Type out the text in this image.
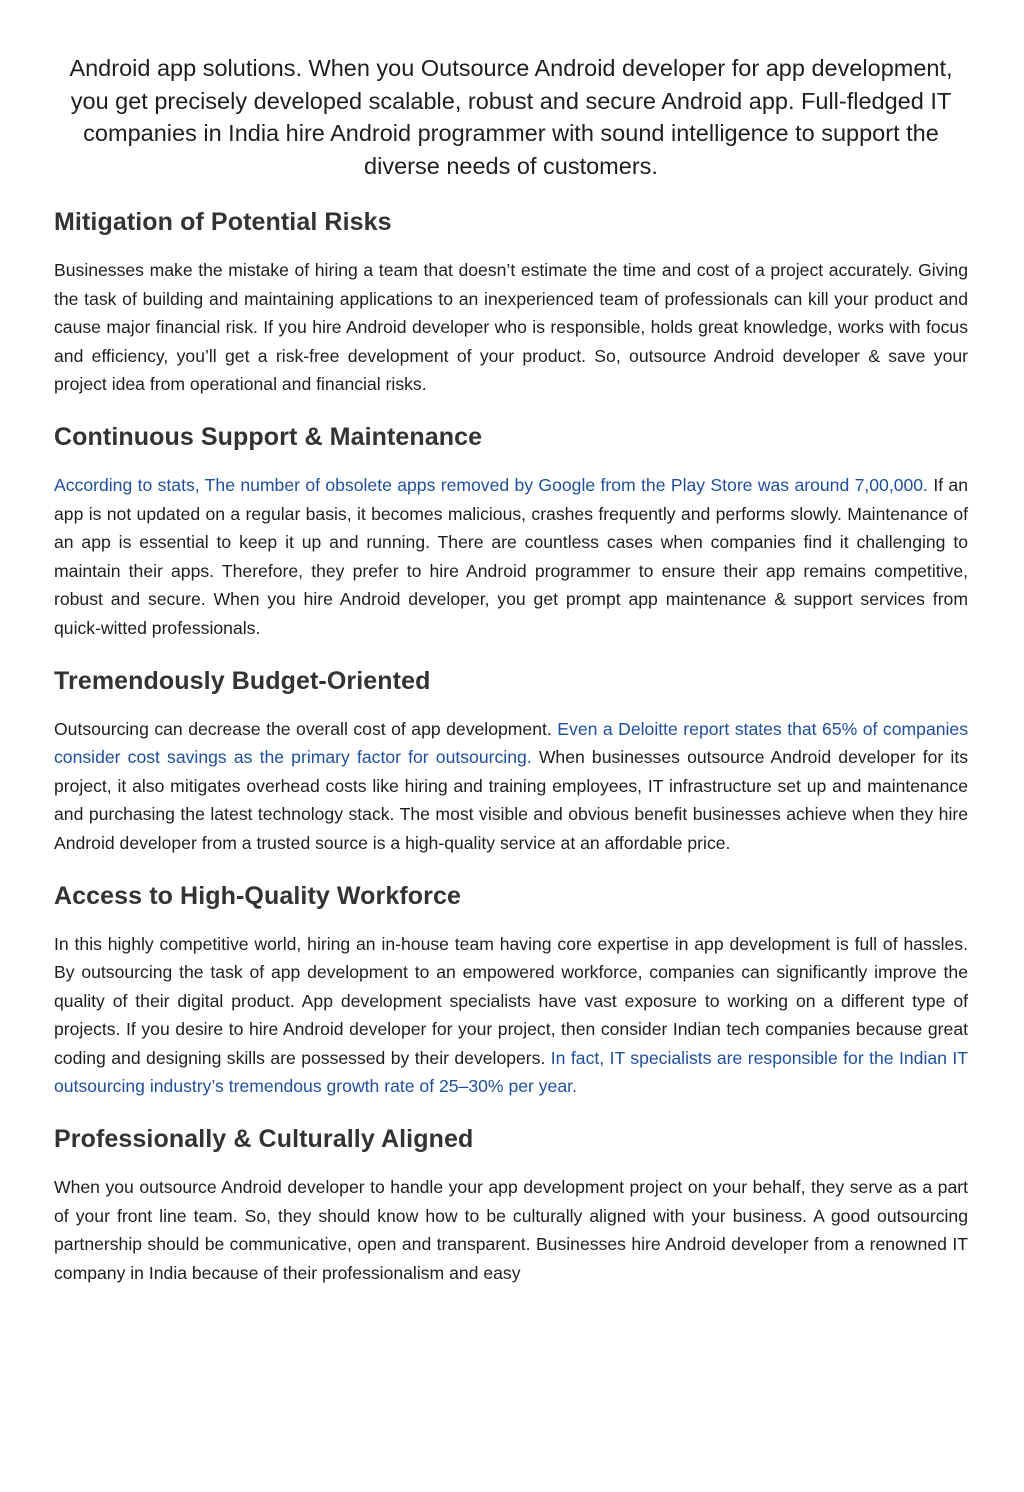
Android app solutions. When you Outsource Android developer for app development, you get precisely developed scalable, robust and secure Android app. Full-fledged IT companies in India hire Android programmer with sound intelligence to support the diverse needs of customers.

Mitigation of Potential Risks

Businesses make the mistake of hiring a team that doesn’t estimate the time and cost of a project accurately. Giving the task of building and maintaining applications to an inexperienced team of professionals can kill your product and cause major financial risk. If you hire Android developer who is responsible, holds great knowledge, works with focus and efficiency, you’ll get a risk-free development of your product. So, outsource Android developer & save your project idea from operational and financial risks.

Continuous Support & Maintenance

According to stats, The number of obsolete apps removed by Google from the Play Store was around 7,00,000. If an app is not updated on a regular basis, it becomes malicious, crashes frequently and performs slowly. Maintenance of an app is essential to keep it up and running. There are countless cases when companies find it challenging to maintain their apps. Therefore, they prefer to hire Android programmer to ensure their app remains competitive, robust and secure. When you hire Android developer, you get prompt app maintenance & support services from quick-witted professionals.

Tremendously Budget-Oriented

Outsourcing can decrease the overall cost of app development. Even a Deloitte report states that 65% of companies consider cost savings as the primary factor for outsourcing. When businesses outsource Android developer for its project, it also mitigates overhead costs like hiring and training employees, IT infrastructure set up and maintenance and purchasing the latest technology stack. The most visible and obvious benefit businesses achieve when they hire Android developer from a trusted source is a high-quality service at an affordable price.

Access to High-Quality Workforce

In this highly competitive world, hiring an in-house team having core expertise in app development is full of hassles. By outsourcing the task of app development to an empowered workforce, companies can significantly improve the quality of their digital product. App development specialists have vast exposure to working on a different type of projects. If you desire to hire Android developer for your project, then consider Indian tech companies because great coding and designing skills are possessed by their developers. In fact, IT specialists are responsible for the Indian IT outsourcing industry’s tremendous growth rate of 25–30% per year.

Professionally & Culturally Aligned

When you outsource Android developer to handle your app development project on your behalf, they serve as a part of your front line team. So, they should know how to be culturally aligned with your business. A good outsourcing partnership should be communicative, open and transparent. Businesses hire Android developer from a renowned IT company in India because of their professionalism and easy
